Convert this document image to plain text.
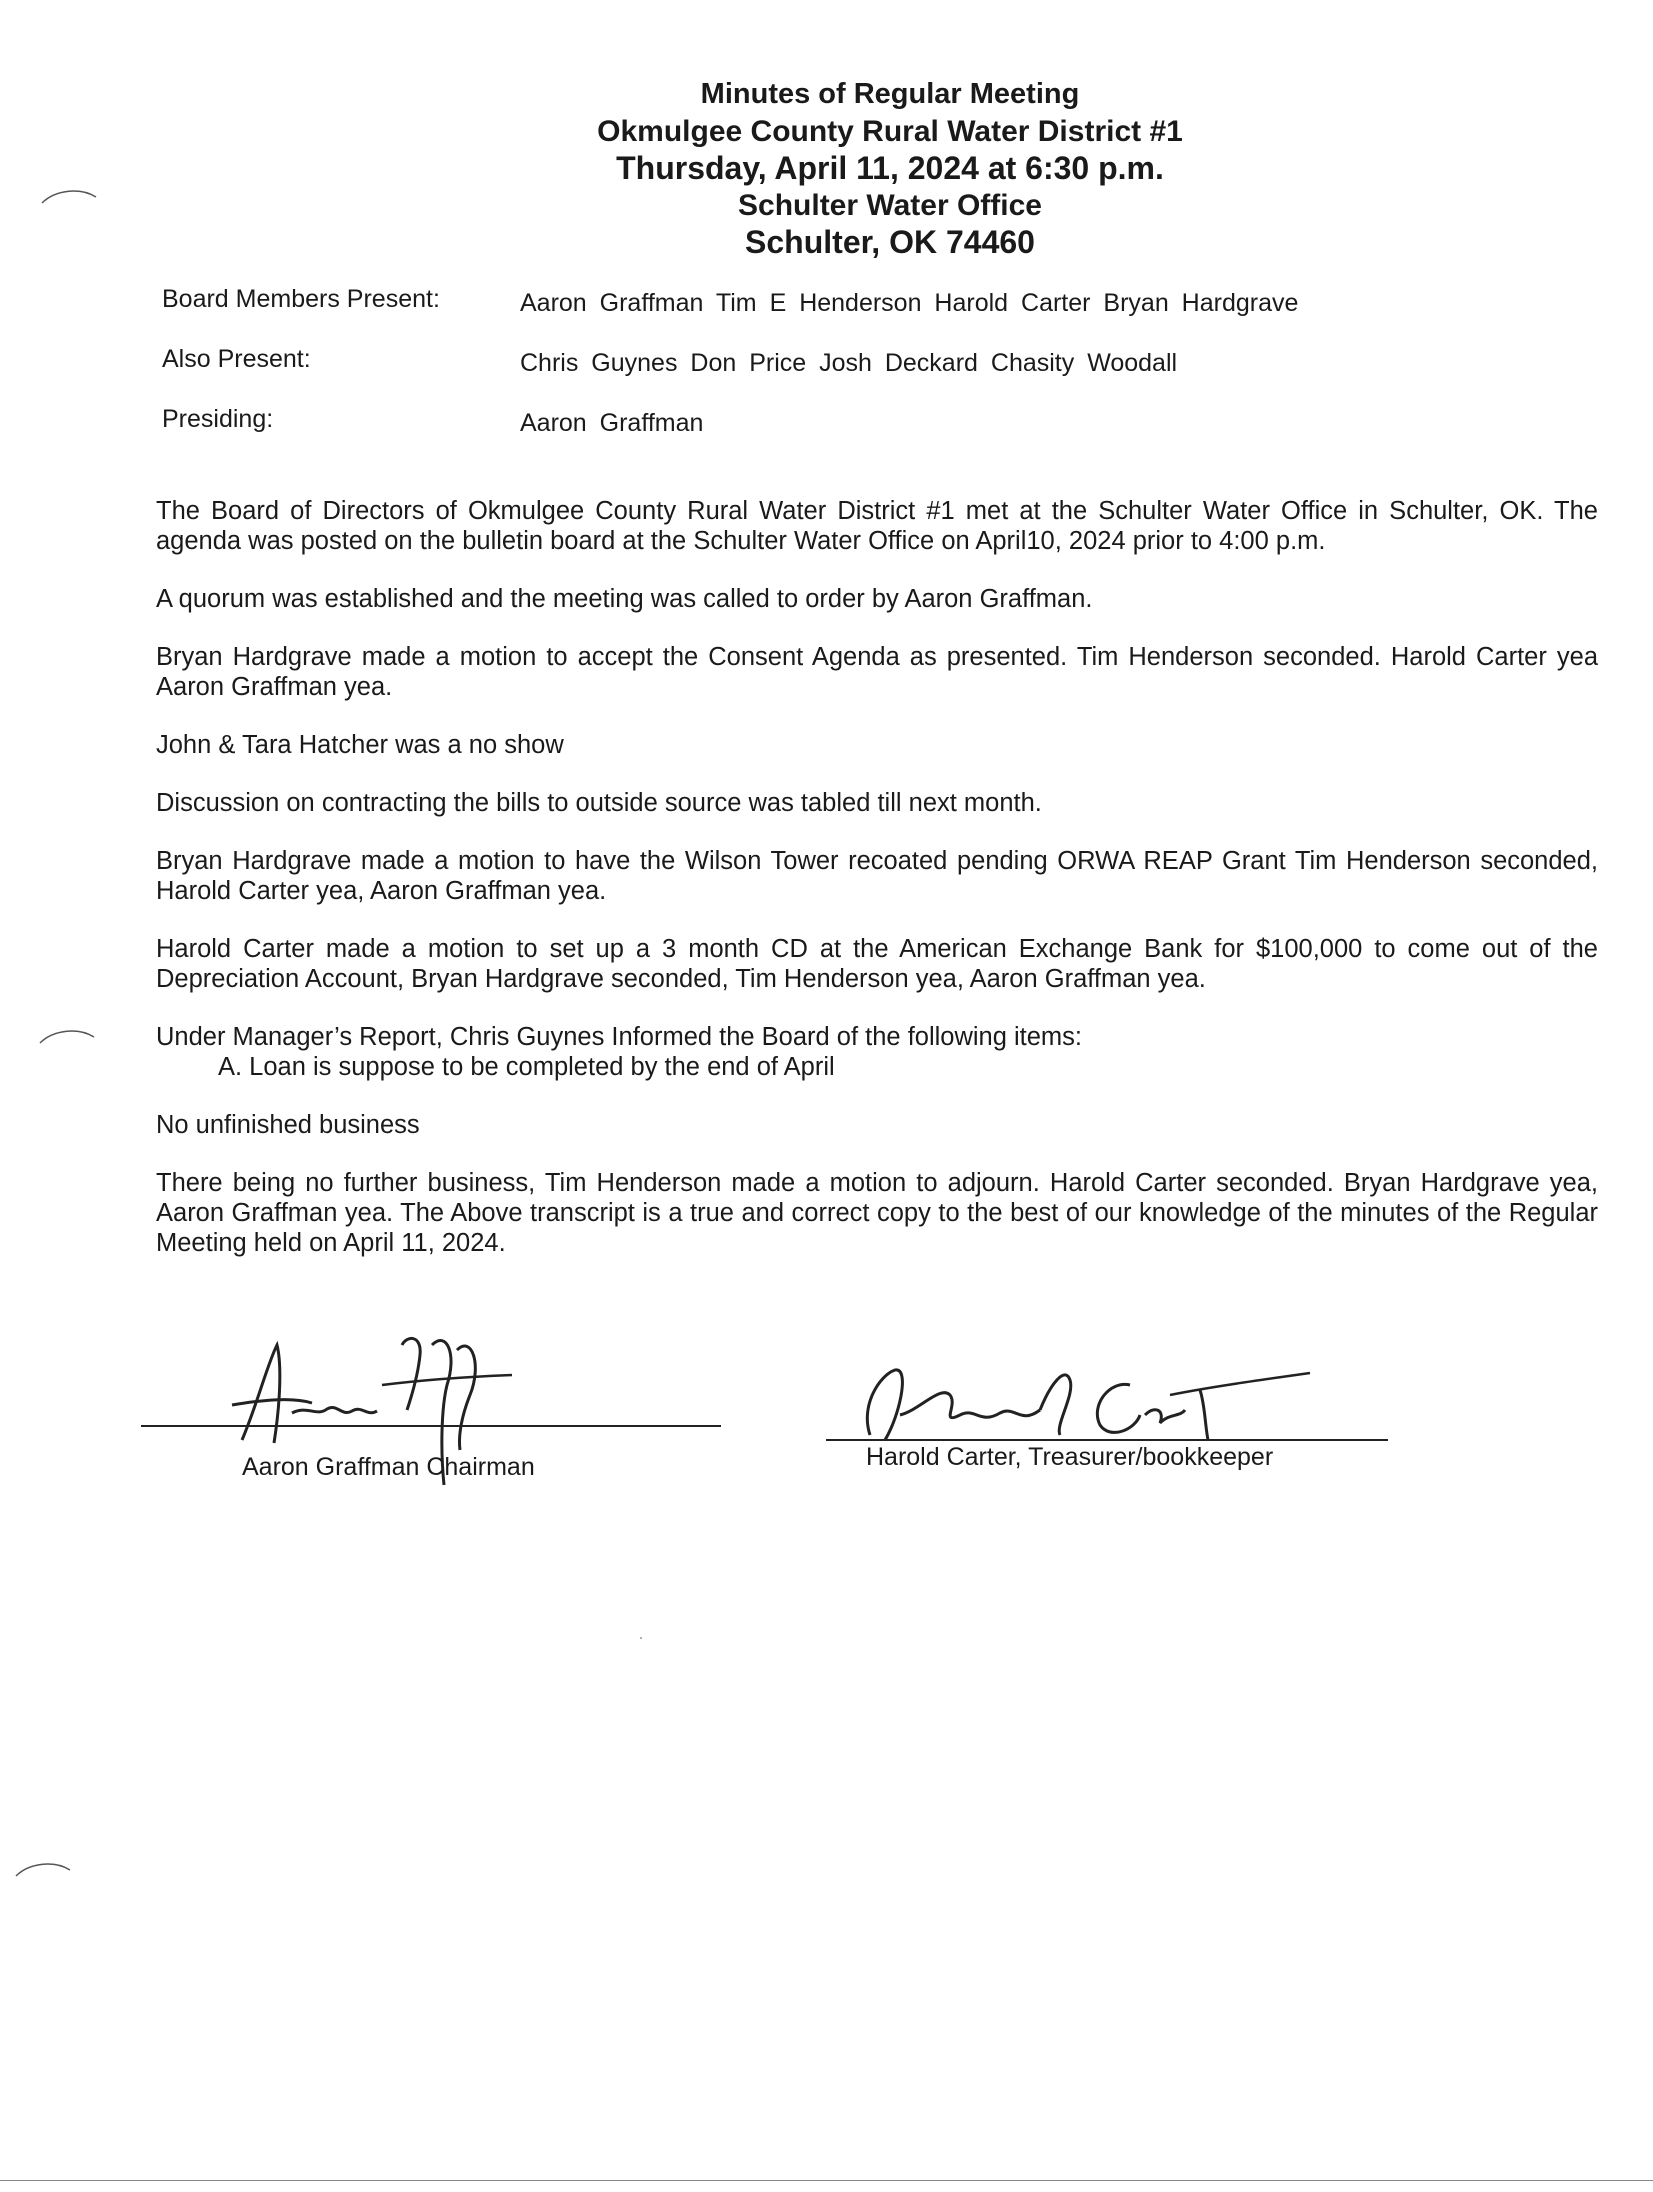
Minutes of Regular Meeting
Okmulgee County Rural Water District #1
Thursday, April 11, 2024 at 6:30 p.m.
Schulter Water Office
Schulter, OK 74460
Board Members Present:	Aaron Graffman Tim E Henderson Harold Carter Bryan Hardgrave
Also Present:	Chris Guynes Don Price Josh Deckard Chasity Woodall
Presiding:	Aaron Graffman

The Board of Directors of Okmulgee County Rural Water District #1 met at the Schulter Water Office in Schulter, OK. The agenda was posted on the bulletin board at the Schulter Water Office on April10, 2024 prior to 4:00 p.m.

A quorum was established and the meeting was called to order by Aaron Graffman.

Bryan Hardgrave made a motion to accept the Consent Agenda as presented. Tim Henderson seconded. Harold Carter yea Aaron Graffman yea.

John & Tara Hatcher was a no show

Discussion on contracting the bills to outside source was tabled till next month.

Bryan Hardgrave made a motion to have the Wilson Tower recoated pending ORWA REAP Grant Tim Henderson seconded, Harold Carter yea, Aaron Graffman yea.

Harold Carter made a motion to set up a 3 month CD at the American Exchange Bank for $100,000 to come out of the Depreciation Account, Bryan Hardgrave seconded, Tim Henderson yea, Aaron Graffman yea.

Under Manager’s Report, Chris Guynes Informed the Board of the following items:
A. Loan is suppose to be completed by the end of April

No unfinished business

There being no further business, Tim Henderson made a motion to adjourn. Harold Carter seconded. Bryan Hardgrave yea, Aaron Graffman yea. The Above transcript is a true and correct copy to the best of our knowledge of the minutes of the Regular Meeting held on April 11, 2024.

Aaron Graffman Chairman	Harold Carter, Treasurer/bookkeeper
